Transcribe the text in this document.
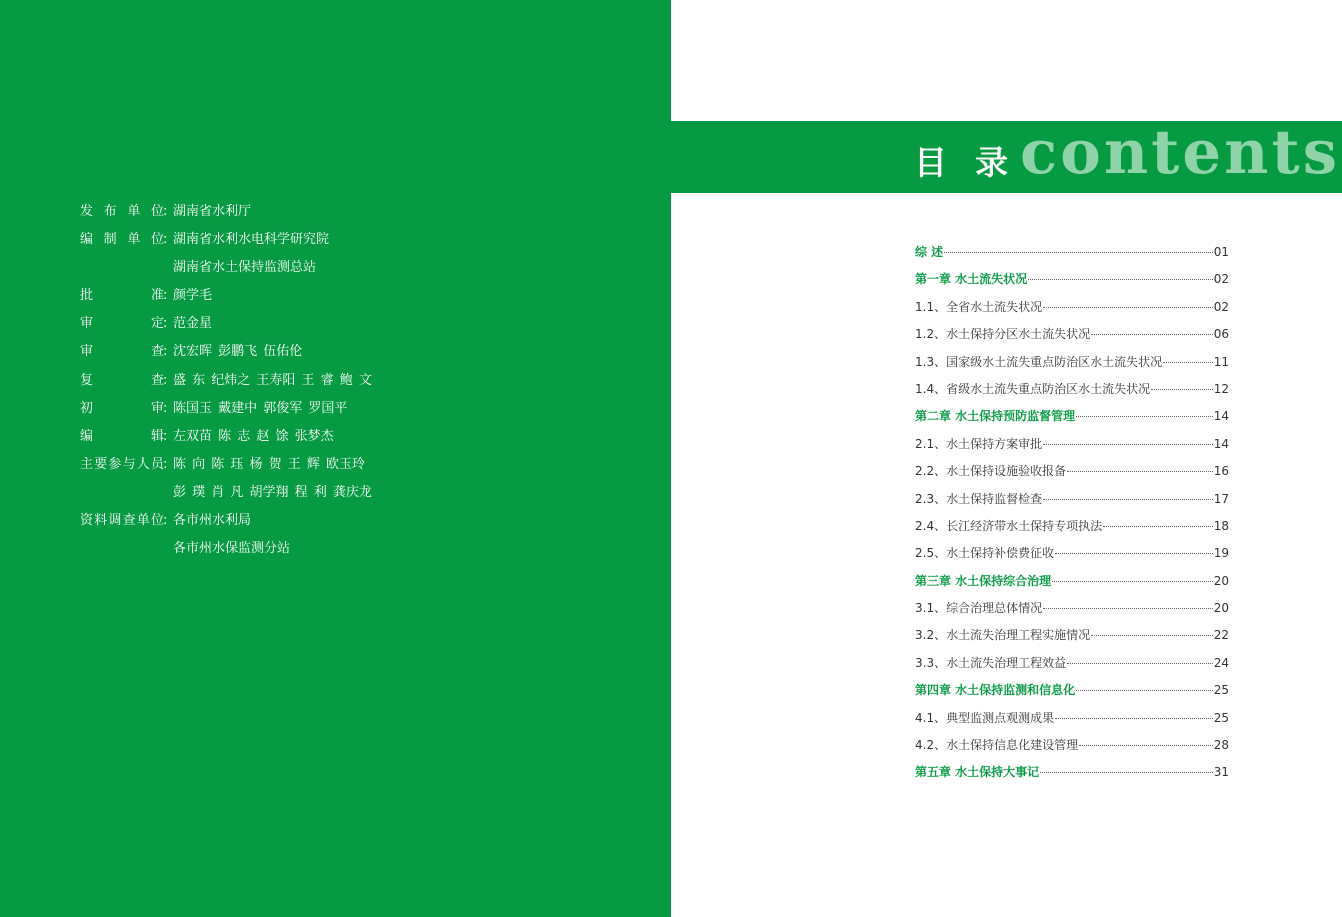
发布单位 : 湖南省水利厅
编制单位 : 湖南省水利水电科学研究院
湖南省水土保持监测总站
批准 : 颜学毛
审定 : 范金星
审查 : 沈宏晖 彭鹏飞 伍佑伦
复查 : 盛 东 纪炜之 王寿阳 王 睿 鲍 文
初审 : 陈国玉 戴建中 郭俊军 罗国平
编辑 : 左双苗 陈 志 赵 馀 张梦杰
主要参与人员 : 陈 向 陈 珏 杨 贺 王 辉 欧玉玲
彭 璞 肖 凡 胡学翔 程 利 龚庆龙
资料调查单位 : 各市州水利局
各市州水保监测分站
目录
contents
综 述	01
第一章 水土流失状况	02
1.1、全省水土流失状况	02
1.2、水土保持分区水土流失状况	06
1.3、国家级水土流失重点防治区水土流失状况	11
1.4、省级水土流失重点防治区水土流失状况	12
第二章 水土保持预防监督管理	14
2.1、水土保持方案审批	14
2.2、水土保持设施验收报备	16
2.3、水土保持监督检查	17
2.4、长江经济带水土保持专项执法	18
2.5、水土保持补偿费征收	19
第三章 水土保持综合治理	20
3.1、综合治理总体情况	20
3.2、水土流失治理工程实施情况	22
3.3、水土流失治理工程效益	24
第四章 水土保持监测和信息化	25
4.1、典型监测点观测成果	25
4.2、水土保持信息化建设管理	28
第五章 水土保持大事记	31
